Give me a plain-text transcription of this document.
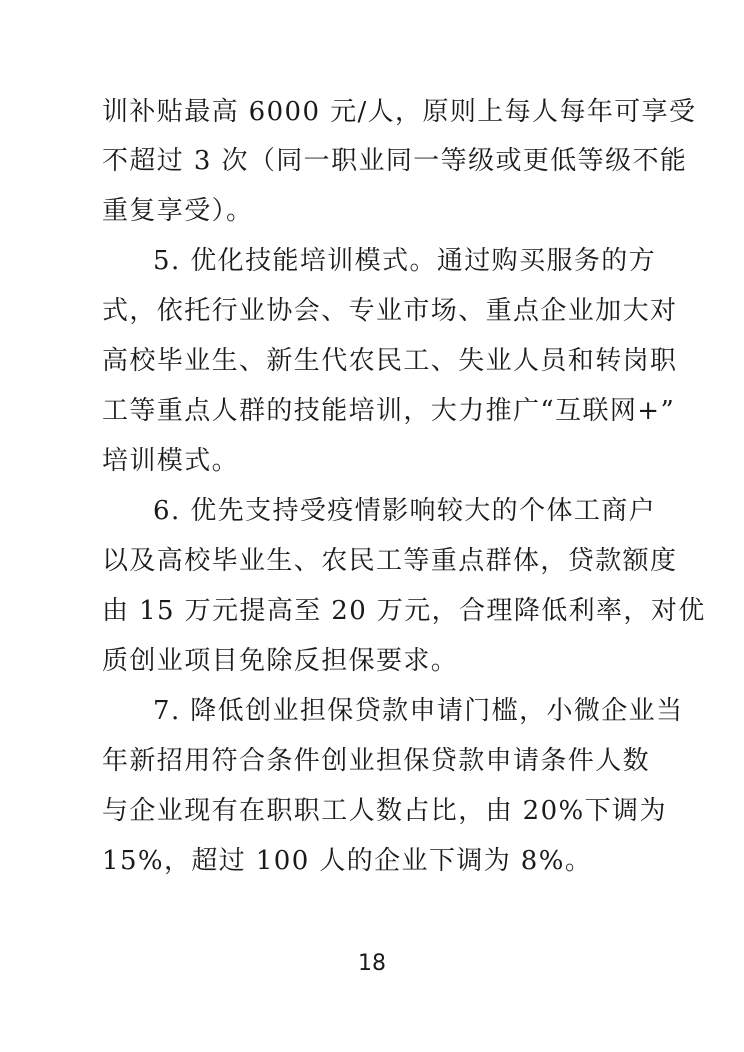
训补贴最高 6000 元/人，原则上每人每年可享受
不超过 3 次（同一职业同一等级或更低等级不能
重复享受）。
5. 优化技能培训模式。通过购买服务的方
式，依托行业协会、专业市场、重点企业加大对
高校毕业生、新生代农民工、失业人员和转岗职
工等重点人群的技能培训，大力推广“互联网+”
培训模式。
6. 优先支持受疫情影响较大的个体工商户
以及高校毕业生、农民工等重点群体，贷款额度
由 15 万元提高至 20 万元，合理降低利率，对优
质创业项目免除反担保要求。
7. 降低创业担保贷款申请门槛，小微企业当
年新招用符合条件创业担保贷款申请条件人数
与企业现有在职职工人数占比，由 20%下调为
15%，超过 100 人的企业下调为 8%。
18
